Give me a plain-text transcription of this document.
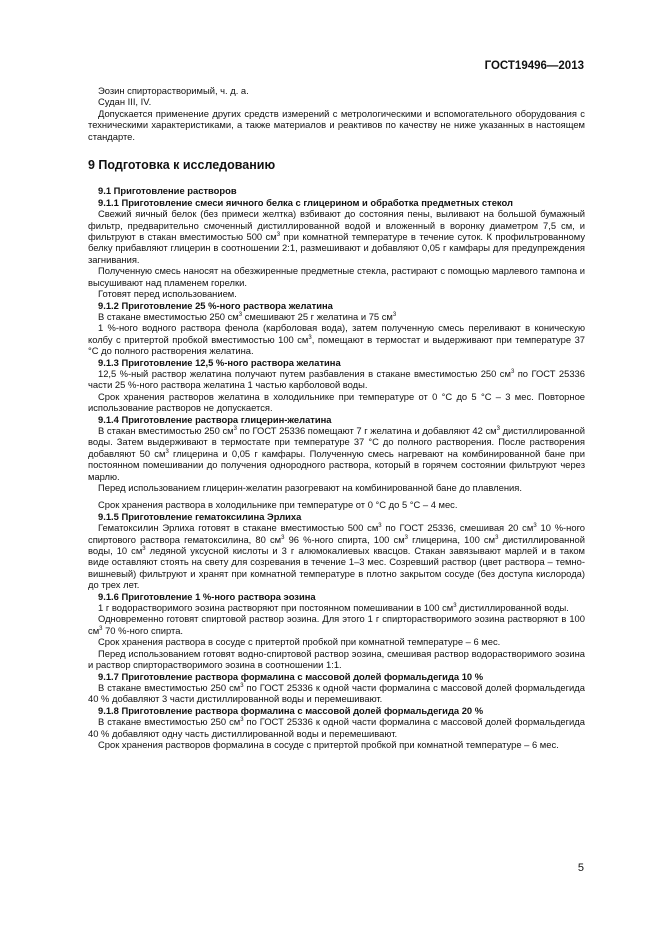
ГОСТ19496—2013

Эозин спирторастворимый, ч. д. а.

Судан III, IV.

Допускается применение других средств измерений с метрологическими и вспомогательного оборудования с техническими характеристиками, а также материалов и реактивов по качеству не ниже указанных в настоящем стандарте.

9 Подготовка к исследованию

9.1 Приготовление растворов

9.1.1 Приготовление смеси яичного белка с глицерином и обработка предметных стекол

Свежий яичный белок (без примеси желтка) взбивают до состояния пены, выливают на большой бумажный фильтр, предварительно смоченный дистиллированной водой и вложенный в воронку диаметром 7,5 см, и фильтруют в стакан вместимостью 500 $см^3$ при комнатной температуре в течение суток. К профильтрованному белку прибавляют глицерин в соотношении 2:1, размешивают и добавляют 0,05 г камфары для предупреждения загнивания.

Полученную смесь наносят на обезжиренные предметные стекла, растирают с помощью марлевого тампона и высушивают над пламенем горелки.

Готовят перед использованием.

9.1.2 Приготовление 25 %-ного раствора желатина

В стакане вместимостью 250 $см^3$ смешивают 25 г желатина и 75 $см^3$

1 %-ного водного раствора фенола (карболовая вода), затем полученную смесь переливают в коническую колбу с притертой пробкой вместимостью 100 $см^3$, помещают в термостат и выдерживают при температуре 37 °С до полного растворения желатина.

9.1.3 Приготовление 12,5 %-ного раствора желатина

12,5 %-ный раствор желатина получают путем разбавления в стакане вместимостью 250 $см^3$ по ГОСТ 25336 части 25 %-ного раствора желатина 1 частью карболовой воды.

Срок хранения растворов желатина в холодильнике при температуре от 0 °С до 5 °С – 3 мес. Повторное использование растворов не допускается.

9.1.4 Приготовление раствора глицерин-желатина

В стакан вместимостью 250 $см^3$ по ГОСТ 25336 помещают 7 г желатина и добавляют 42 $см^3$ дистиллированной воды. Затем выдерживают в термостате при температуре 37 °С до полного растворения. После растворения добавляют 50 $см^3$ глицерина и 0,05 г камфары. Полученную смесь нагревают на комбинированной бане при постоянном помешивании до получения однородного раствора, который в горячем состоянии фильтруют через марлю.

Перед использованием глицерин-желатин разогревают на комбинированной бане до плавления.

Срок хранения раствора в холодильнике при температуре от 0 °С до 5 °С – 4 мес.

9.1.5 Приготовление гематоксилина Эрлиха

Гематоксилин Эрлиха готовят в стакане вместимостью 500 $см^3$ по ГОСТ 25336, смешивая 20 $см^3$ 10 %-ного спиртового раствора гематоксилина, 80 $см^3$ 96 %-ного спирта, 100 $см^3$ глицерина, 100 $см^3$ дистиллированной воды, 10 $см^3$ ледяной уксусной кислоты и 3 г алюмокалиевых квасцов. Стакан завязывают марлей и в таком виде оставляют стоять на свету для созревания в течение 1–3 мес. Созревший раствор (цвет раствора – темно-вишневый) фильтруют и хранят при комнатной температуре в плотно закрытом сосуде (без доступа кислорода) до трех лет.

9.1.6 Приготовление 1 %-ного раствора эозина

1 г водорастворимого эозина растворяют при постоянном помешивании в 100 $см^3$ дистиллированной воды.

Одновременно готовят спиртовой раствор эозина. Для этого 1 г спирторастворимого эозина растворяют в 100 $см^3$ 70 %-ного спирта.

Срок хранения раствора в сосуде с притертой пробкой при комнатной температуре – 6 мес.

Перед использованием готовят водно-спиртовой раствор эозина, смешивая раствор водорастворимого эозина и раствор спирторастворимого эозина в соотношении 1:1.

9.1.7 Приготовление раствора формалина с массовой долей формальдегида 10 %

В стакане вместимостью 250 $см^3$ по ГОСТ 25336 к одной части формалина с массовой долей формальдегида 40 % добавляют 3 части дистиллированной воды и перемешивают.

9.1.8 Приготовление раствора формалина с массовой долей формальдегида 20 %

В стакане вместимостью 250 $см^3$ по ГОСТ 25336 к одной части формалина с массовой долей формальдегида 40 % добавляют одну часть дистиллированной воды и перемешивают.

Срок хранения растворов формалина в сосуде с притертой пробкой при комнатной температуре – 6 мес.

5
